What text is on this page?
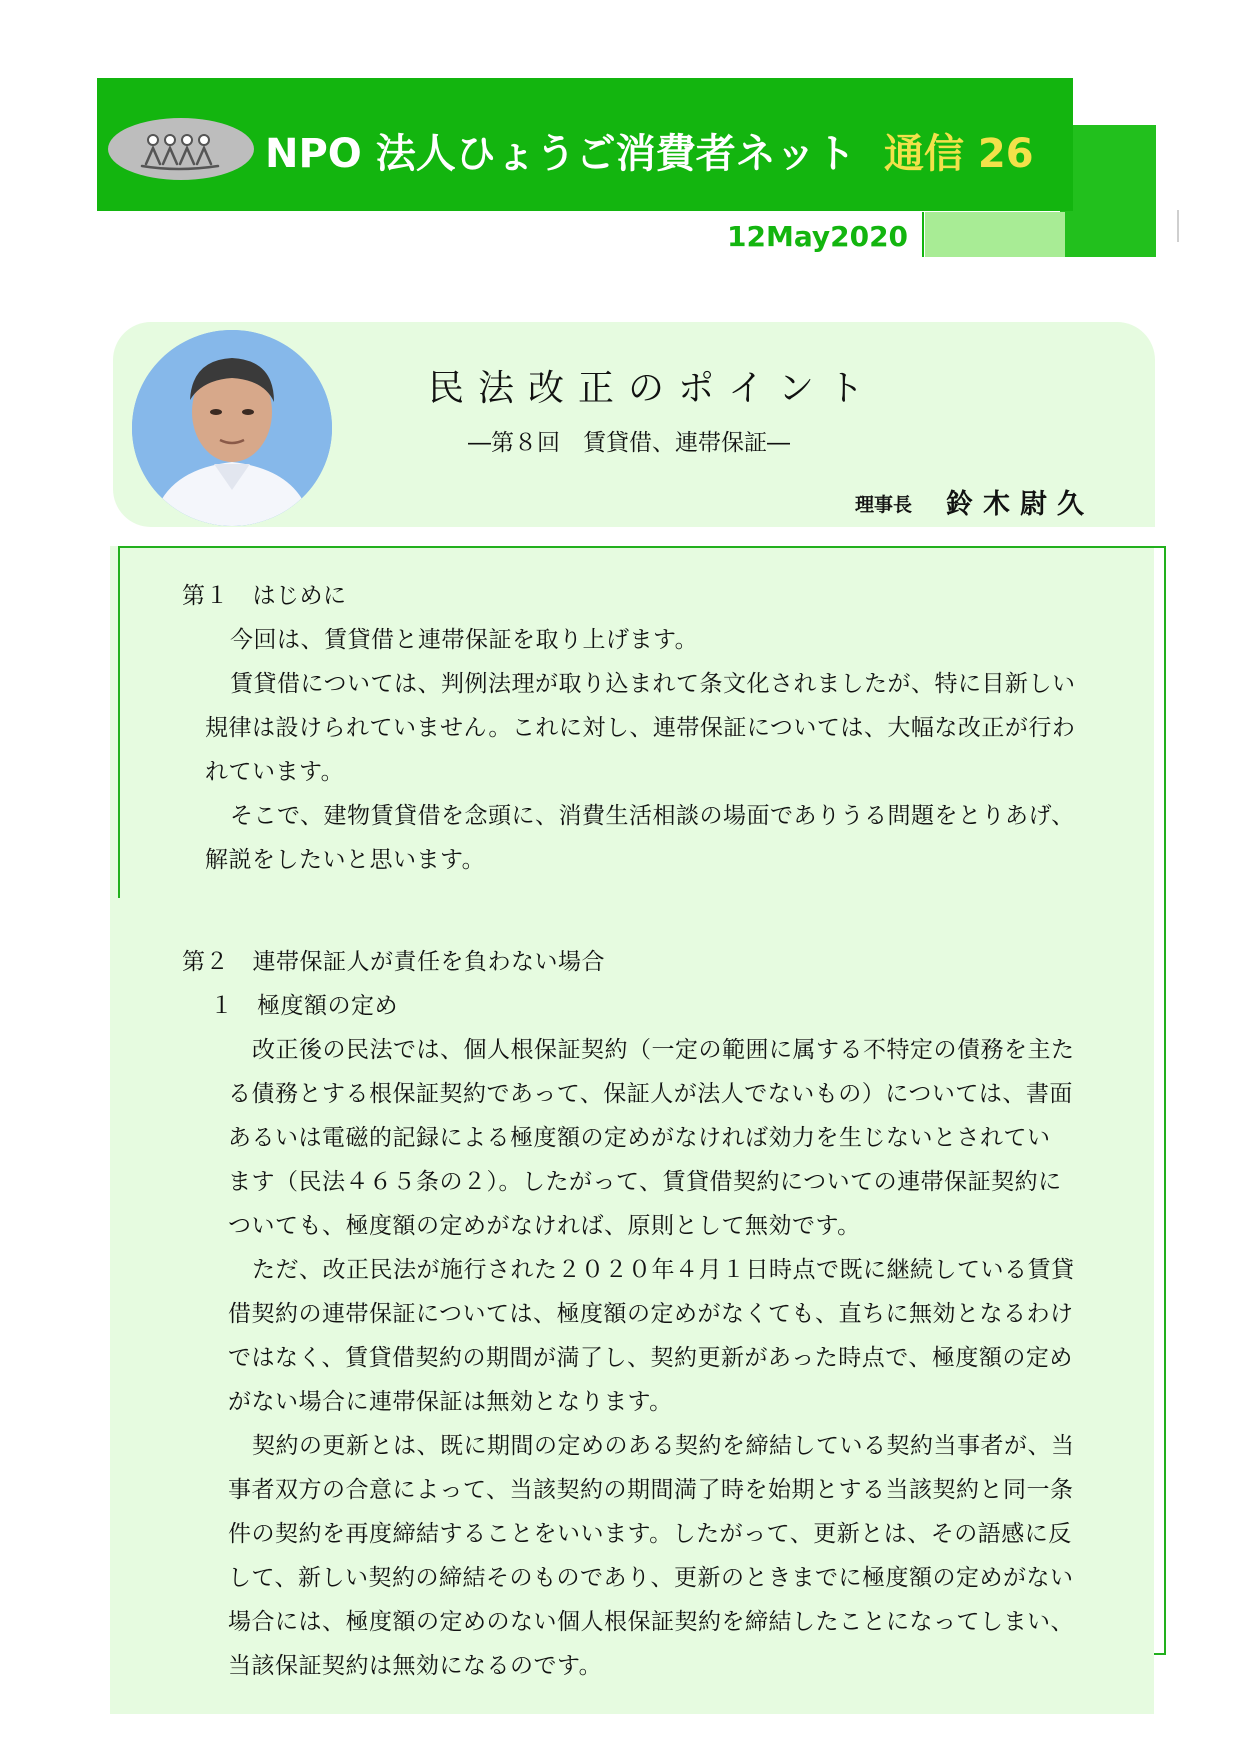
NPO 法人ひょうご消費者ネット 通信 26
12May2020
民法改正のポイント
―第８回　賃貸借、連帯保証―
理事長 鈴木尉久
第１　はじめに
今回は、賃貸借と連帯保証を取り上げます。
賃貸借については、判例法理が取り込まれて条文化されましたが、特に目新しい
規律は設けられていません。これに対し、連帯保証については、大幅な改正が行わ
れています。
そこで、建物賃貸借を念頭に、消費生活相談の場面でありうる問題をとりあげ、
解説をしたいと思います。
第２　連帯保証人が責任を負わない場合
１　極度額の定め
改正後の民法では、個人根保証契約（一定の範囲に属する不特定の債務を主た
る債務とする根保証契約であって、保証人が法人でないもの）については、書面
あるいは電磁的記録による極度額の定めがなければ効力を生じないとされてい
ます（民法４６５条の２）。したがって、賃貸借契約についての連帯保証契約に
ついても、極度額の定めがなければ、原則として無効です。
ただ、改正民法が施行された２０２０年４月１日時点で既に継続している賃貸
借契約の連帯保証については、極度額の定めがなくても、直ちに無効となるわけ
ではなく、賃貸借契約の期間が満了し、契約更新があった時点で、極度額の定め
がない場合に連帯保証は無効となります。
契約の更新とは、既に期間の定めのある契約を締結している契約当事者が、当
事者双方の合意によって、当該契約の期間満了時を始期とする当該契約と同一条
件の契約を再度締結することをいいます。したがって、更新とは、その語感に反
して、新しい契約の締結そのものであり、更新のときまでに極度額の定めがない
場合には、極度額の定めのない個人根保証契約を締結したことになってしまい、
当該保証契約は無効になるのです。
